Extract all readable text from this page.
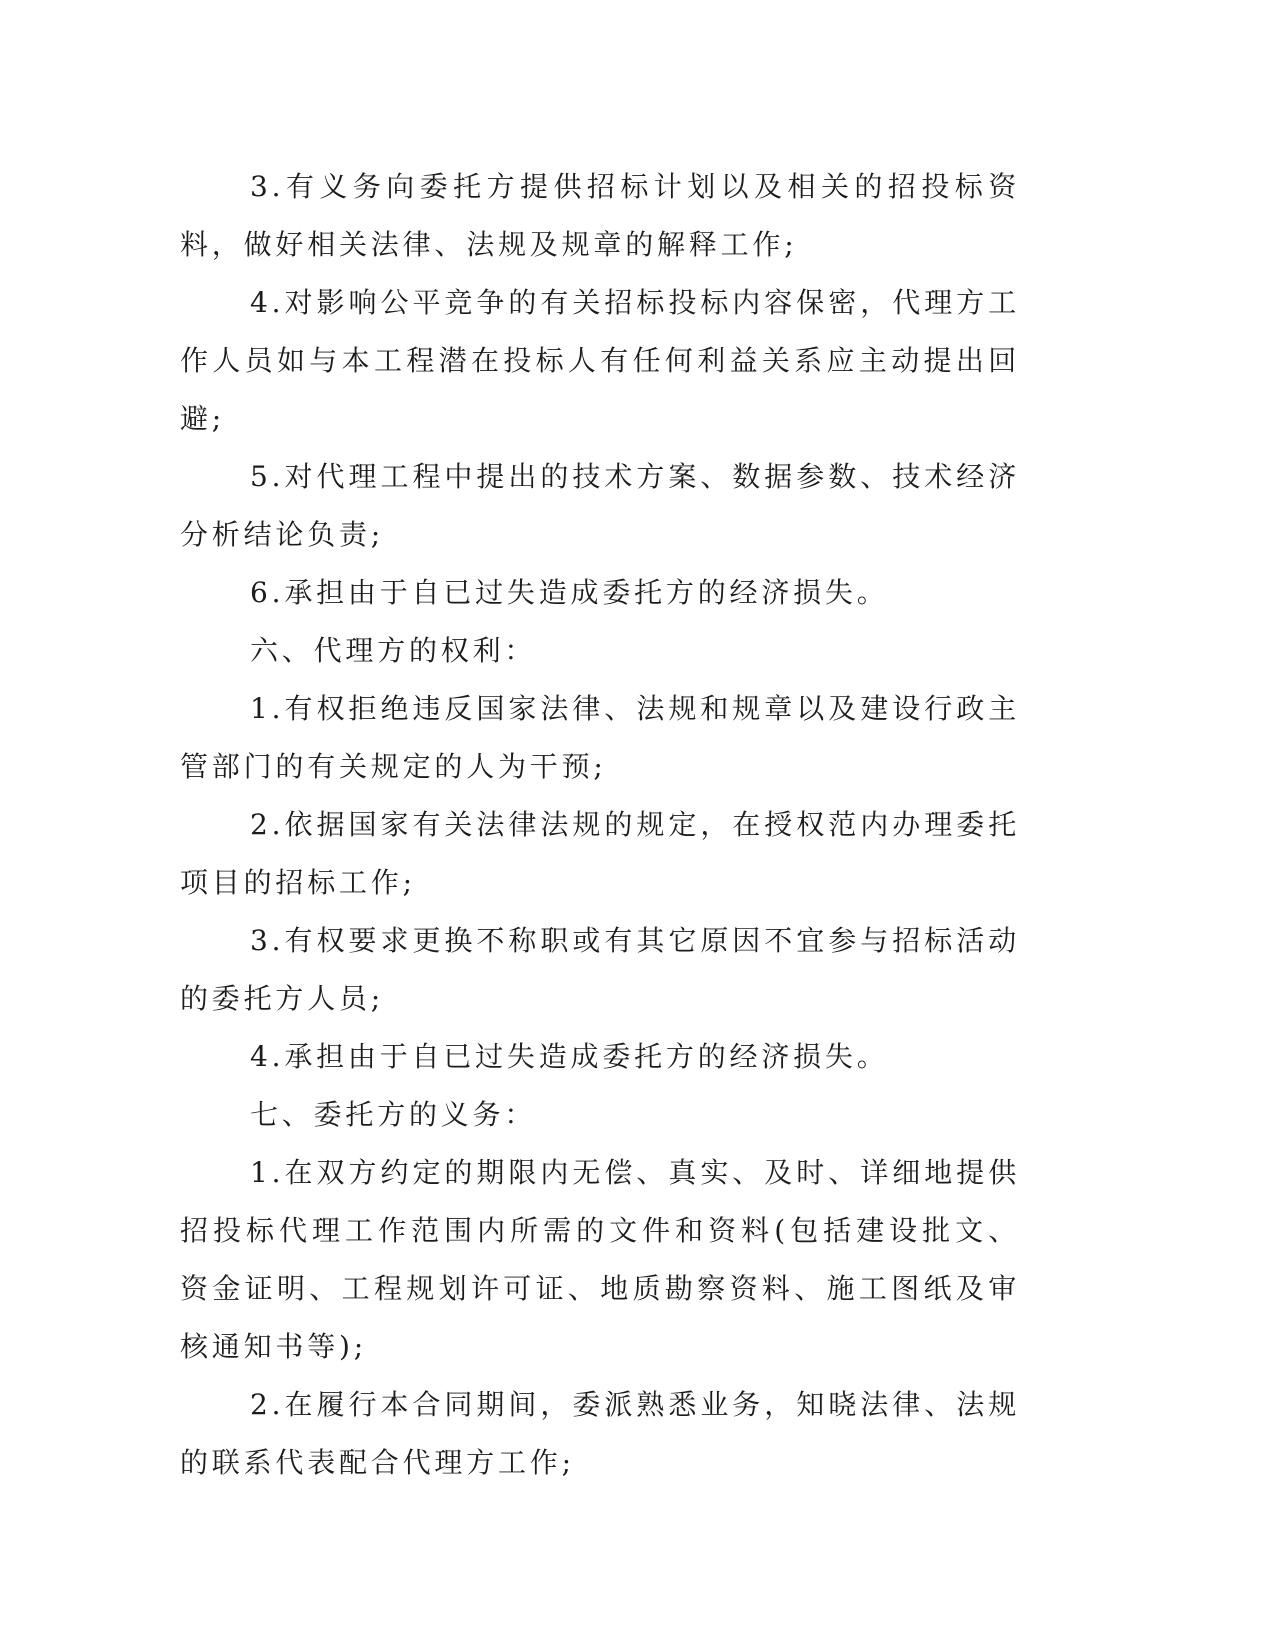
3.有义务向委托方提供招标计划以及相关的招投标资料，做好相关法律、法规及规章的解释工作;

4.对影响公平竞争的有关招标投标内容保密，代理方工作人员如与本工程潜在投标人有任何利益关系应主动提出回避;

5.对代理工程中提出的技术方案、数据参数、技术经济分析结论负责;

6.承担由于自已过失造成委托方的经济损失。

六、代理方的权利：

1.有权拒绝违反国家法律、法规和规章以及建设行政主管部门的有关规定的人为干预;

2.依据国家有关法律法规的规定，在授权范内办理委托项目的招标工作;

3.有权要求更换不称职或有其它原因不宜参与招标活动的委托方人员;

4.承担由于自已过失造成委托方的经济损失。

七、委托方的义务：

1.在双方约定的期限内无偿、真实、及时、详细地提供招投标代理工作范围内所需的文件和资料(包括建设批文、资金证明、工程规划许可证、地质勘察资料、施工图纸及审核通知书等);

2.在履行本合同期间，委派熟悉业务，知晓法律、法规的联系代表配合代理方工作;
